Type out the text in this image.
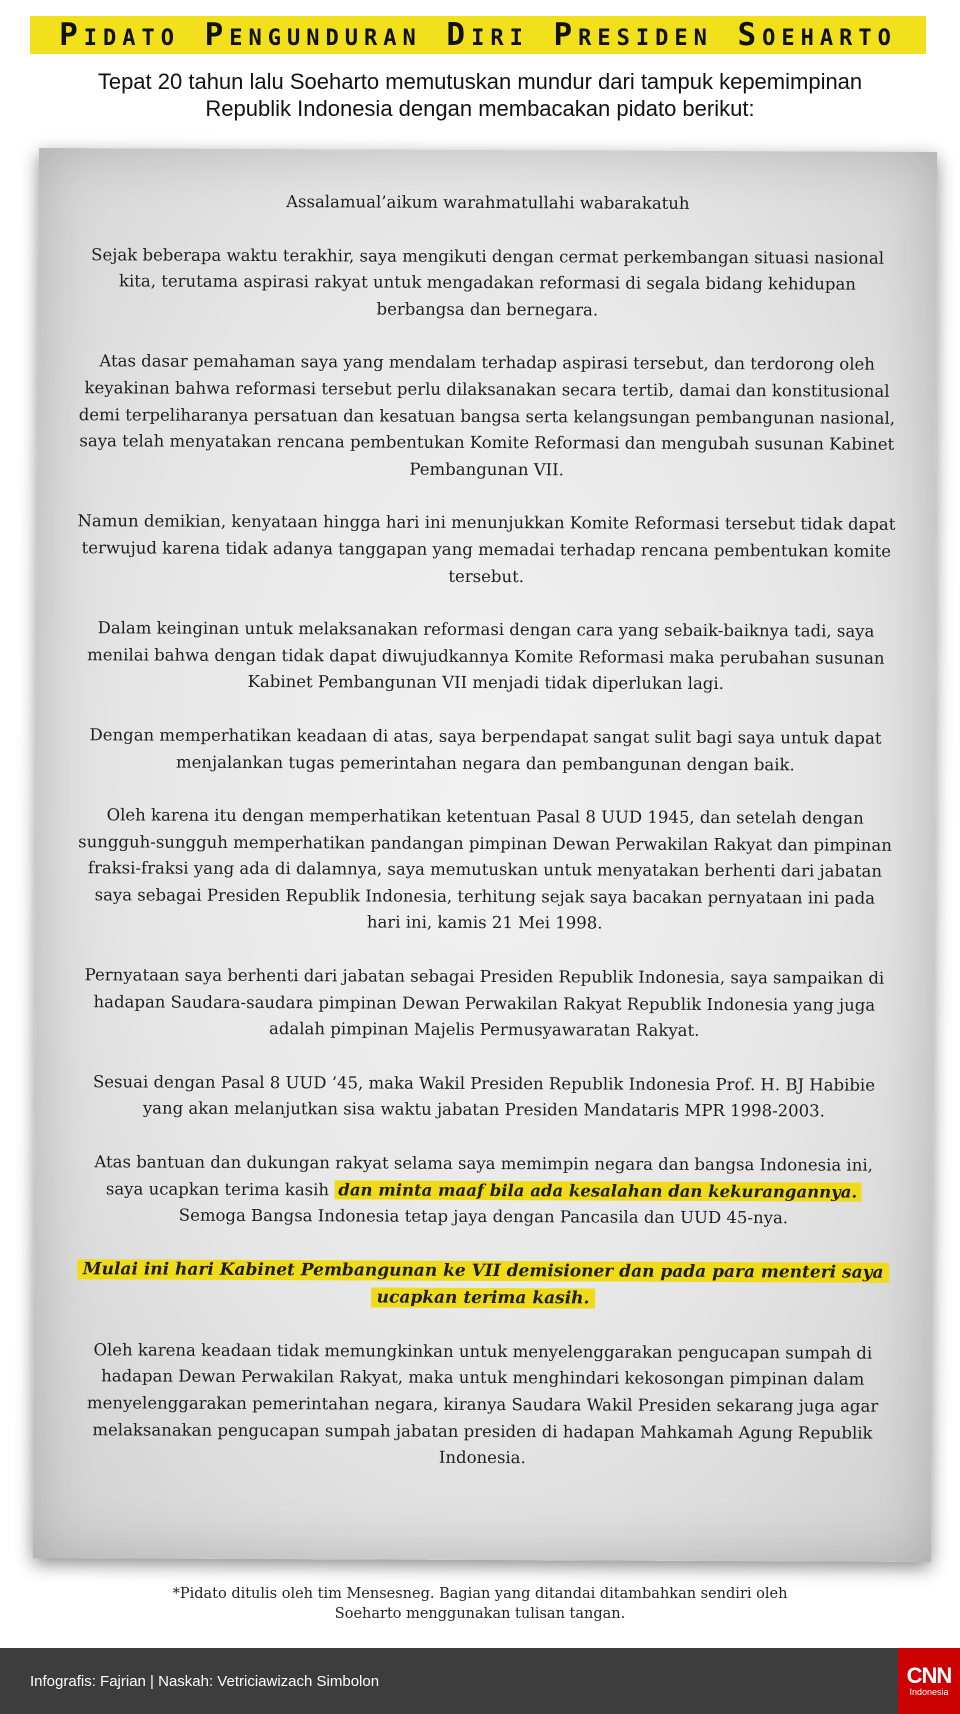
Pidato Pengunduran Diri Presiden Soeharto
Tepat 20 tahun lalu Soeharto memutuskan mundur dari tampuk kepemimpinan
Republik Indonesia dengan membacakan pidato berikut:

Assalamual’aikum warahmatullahi wabarakatuh

Sejak beberapa waktu terakhir, saya mengikuti dengan cermat perkembangan situasi nasional kita, terutama aspirasi rakyat untuk mengadakan reformasi di segala bidang kehidupan berbangsa dan bernegara.

Atas dasar pemahaman saya yang mendalam terhadap aspirasi tersebut, dan terdorong oleh keyakinan bahwa reformasi tersebut perlu dilaksanakan secara tertib, damai dan konstitusional demi terpeliharanya persatuan dan kesatuan bangsa serta kelangsungan pembangunan nasional, saya telah menyatakan rencana pembentukan Komite Reformasi dan mengubah susunan Kabinet Pembangunan VII.

Namun demikian, kenyataan hingga hari ini menunjukkan Komite Reformasi tersebut tidak dapat terwujud karena tidak adanya tanggapan yang memadai terhadap rencana pembentukan komite tersebut.

Dalam keinginan untuk melaksanakan reformasi dengan cara yang sebaik-baiknya tadi, saya menilai bahwa dengan tidak dapat diwujudkannya Komite Reformasi maka perubahan susunan Kabinet Pembangunan VII menjadi tidak diperlukan lagi.

Dengan memperhatikan keadaan di atas, saya berpendapat sangat sulit bagi saya untuk dapat menjalankan tugas pemerintahan negara dan pembangunan dengan baik.

Oleh karena itu dengan memperhatikan ketentuan Pasal 8 UUD 1945, dan setelah dengan sungguh-sungguh memperhatikan pandangan pimpinan Dewan Perwakilan Rakyat dan pimpinan fraksi-fraksi yang ada di dalamnya, saya memutuskan untuk menyatakan berhenti dari jabatan saya sebagai Presiden Republik Indonesia, terhitung sejak saya bacakan pernyataan ini pada hari ini, kamis 21 Mei 1998.

Pernyataan saya berhenti dari jabatan sebagai Presiden Republik Indonesia, saya sampaikan di hadapan Saudara-saudara pimpinan Dewan Perwakilan Rakyat Republik Indonesia yang juga adalah pimpinan Majelis Permusyawaratan Rakyat.

Sesuai dengan Pasal 8 UUD ’45, maka Wakil Presiden Republik Indonesia Prof. H. BJ Habibie yang akan melanjutkan sisa waktu jabatan Presiden Mandataris MPR 1998-2003.

Atas bantuan dan dukungan rakyat selama saya memimpin negara dan bangsa Indonesia ini, saya ucapkan terima kasih dan minta maaf bila ada kesalahan dan kekurangannya. Semoga Bangsa Indonesia tetap jaya dengan Pancasila dan UUD 45-nya.

Mulai ini hari Kabinet Pembangunan ke VII demisioner dan pada para menteri saya ucapkan terima kasih.

Oleh karena keadaan tidak memungkinkan untuk menyelenggarakan pengucapan sumpah di hadapan Dewan Perwakilan Rakyat, maka untuk menghindari kekosongan pimpinan dalam menyelenggarakan pemerintahan negara, kiranya Saudara Wakil Presiden sekarang juga agar melaksanakan pengucapan sumpah jabatan presiden di hadapan Mahkamah Agung Republik Indonesia.

*Pidato ditulis oleh tim Mensesneg. Bagian yang ditandai ditambahkan sendiri oleh
Soeharto menggunakan tulisan tangan.
Infografis: Fajrian | Naskah: Vetriciawizach Simbolon	CNN
Indonesia
